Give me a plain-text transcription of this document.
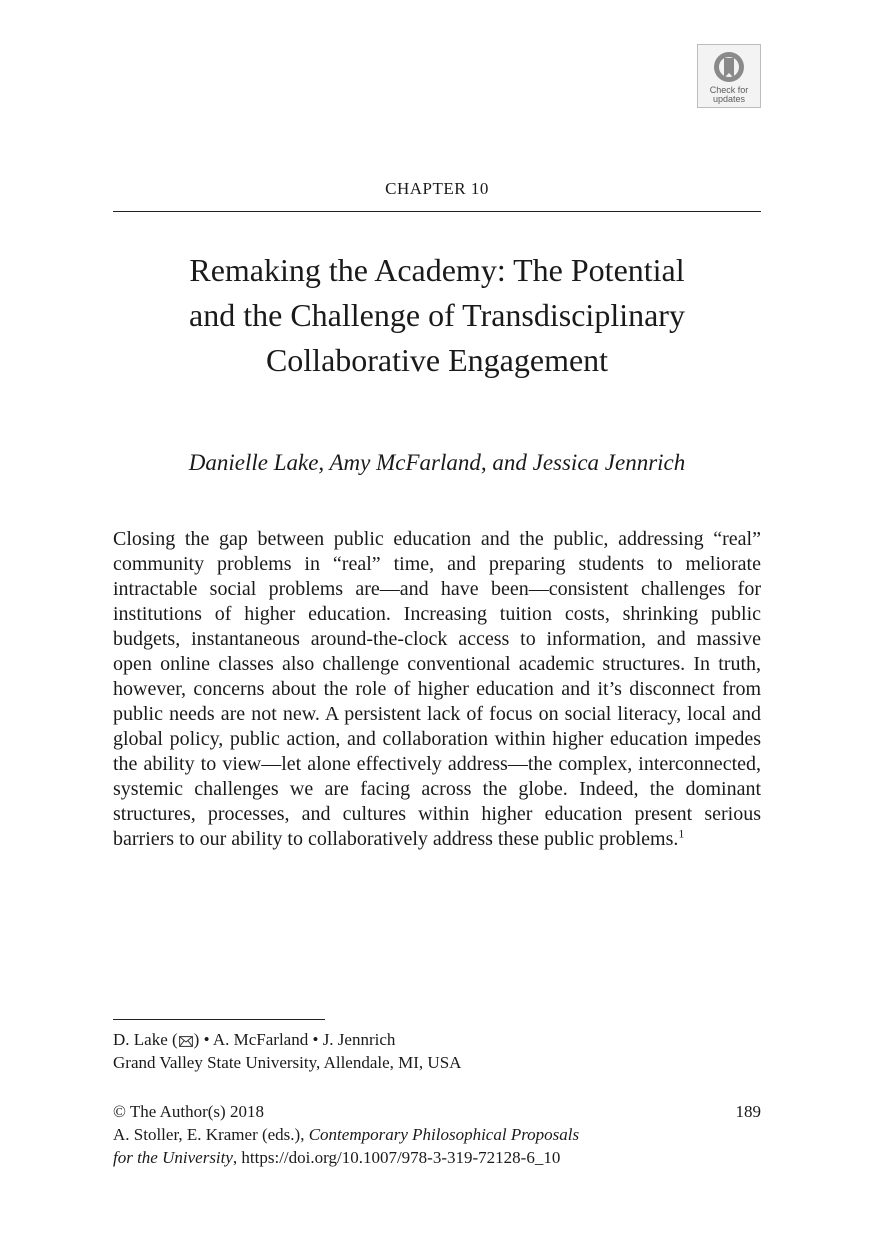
Check for
updates
CHAPTER 10
Remaking the Academy: The Potential
and the Challenge of Transdisciplinary
Collaborative Engagement
Danielle Lake, Amy McFarland, and Jessica Jennrich

Closing the gap between public education and the public, addressing “real” community problems in “real” time, and preparing students to meliorate intractable social problems are—and have been—consistent challenges for institutions of higher education. Increasing tuition costs, shrinking public budgets, instantaneous around-the-clock access to information, and massive open online classes also challenge conventional academic structures. In truth, however, concerns about the role of higher education and it’s disconnect from public needs are not new. A persistent lack of focus on social literacy, local and global policy, public action, and collaboration within higher education impedes the ability to view—let alone effectively address—the complex, interconnected, systemic challenges we are facing across the globe. Indeed, the dominant structures, processes, and cultures within higher education present serious barriers to our ability to collaboratively address these public problems.$^1$

D. Lake ( ) • A. McFarland • J. Jennrich
Grand Valley State University, Allendale, MI, USA
© The Author(s) 2018	189
A. Stoller, E. Kramer (eds.), Contemporary Philosophical Proposals
for the University, https://doi.org/10.1007/978-3-319-72128-6_10
